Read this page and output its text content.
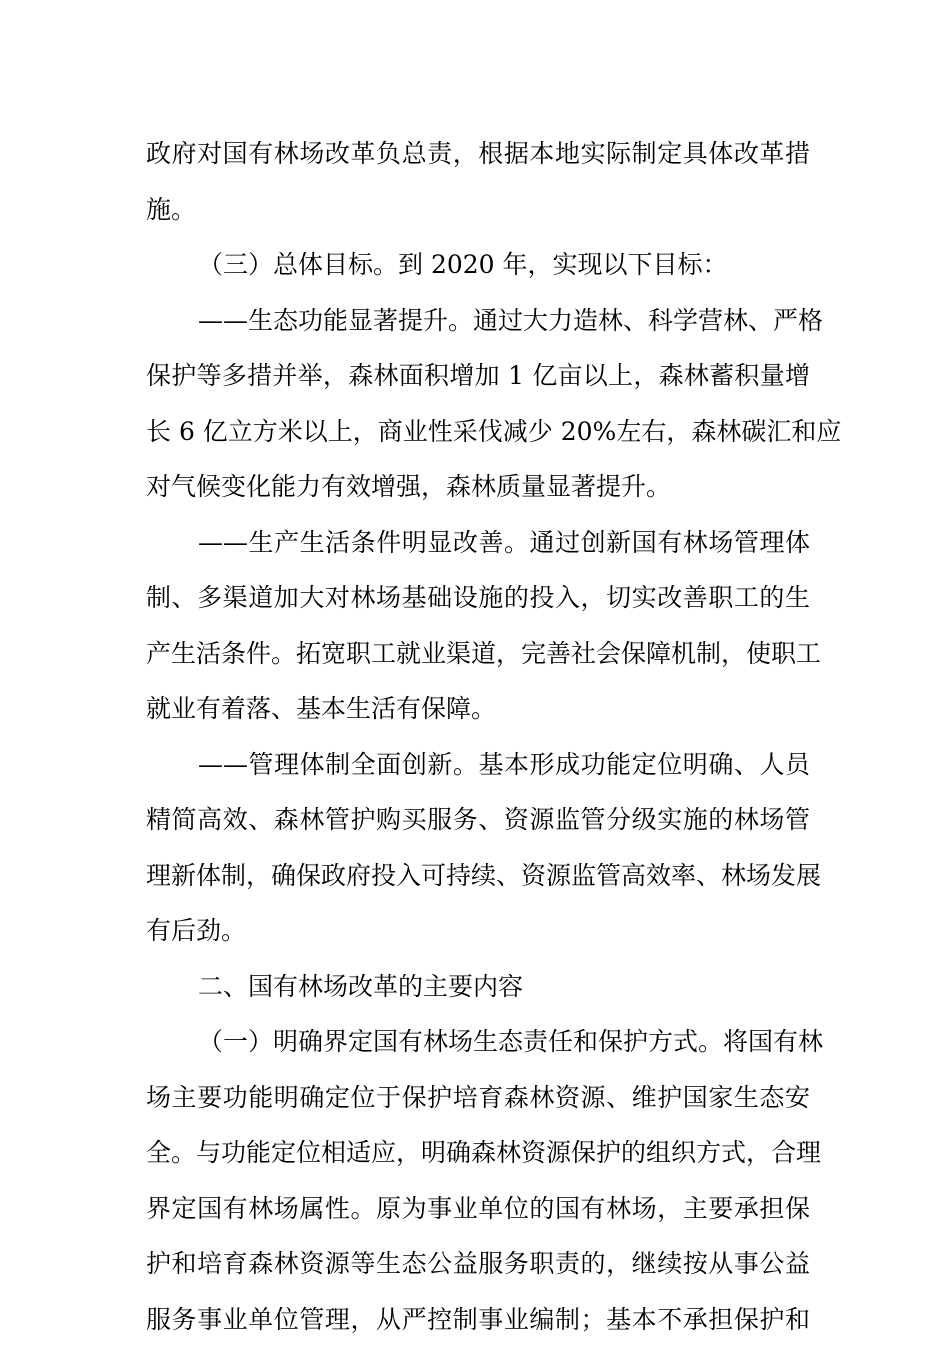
政府对国有林场改革负总责，根据本地实际制定具体改革措
施。
（三）总体目标。到 2020 年，实现以下目标：
——生态功能显著提升。通过大力造林、科学营林、严格
保护等多措并举，森林面积增加 1 亿亩以上，森林蓄积量增
长 6 亿立方米以上，商业性采伐减少 20%左右，森林碳汇和应
对气候变化能力有效增强，森林质量显著提升。
——生产生活条件明显改善。通过创新国有林场管理体
制、多渠道加大对林场基础设施的投入，切实改善职工的生
产生活条件。拓宽职工就业渠道，完善社会保障机制，使职工
就业有着落、基本生活有保障。
——管理体制全面创新。基本形成功能定位明确、人员
精简高效、森林管护购买服务、资源监管分级实施的林场管
理新体制，确保政府投入可持续、资源监管高效率、林场发展
有后劲。
二、国有林场改革的主要内容
（一）明确界定国有林场生态责任和保护方式。将国有林
场主要功能明确定位于保护培育森林资源、维护国家生态安
全。与功能定位相适应，明确森林资源保护的组织方式，合理
界定国有林场属性。原为事业单位的国有林场，主要承担保
护和培育森林资源等生态公益服务职责的，继续按从事公益
服务事业单位管理，从严控制事业编制；基本不承担保护和
